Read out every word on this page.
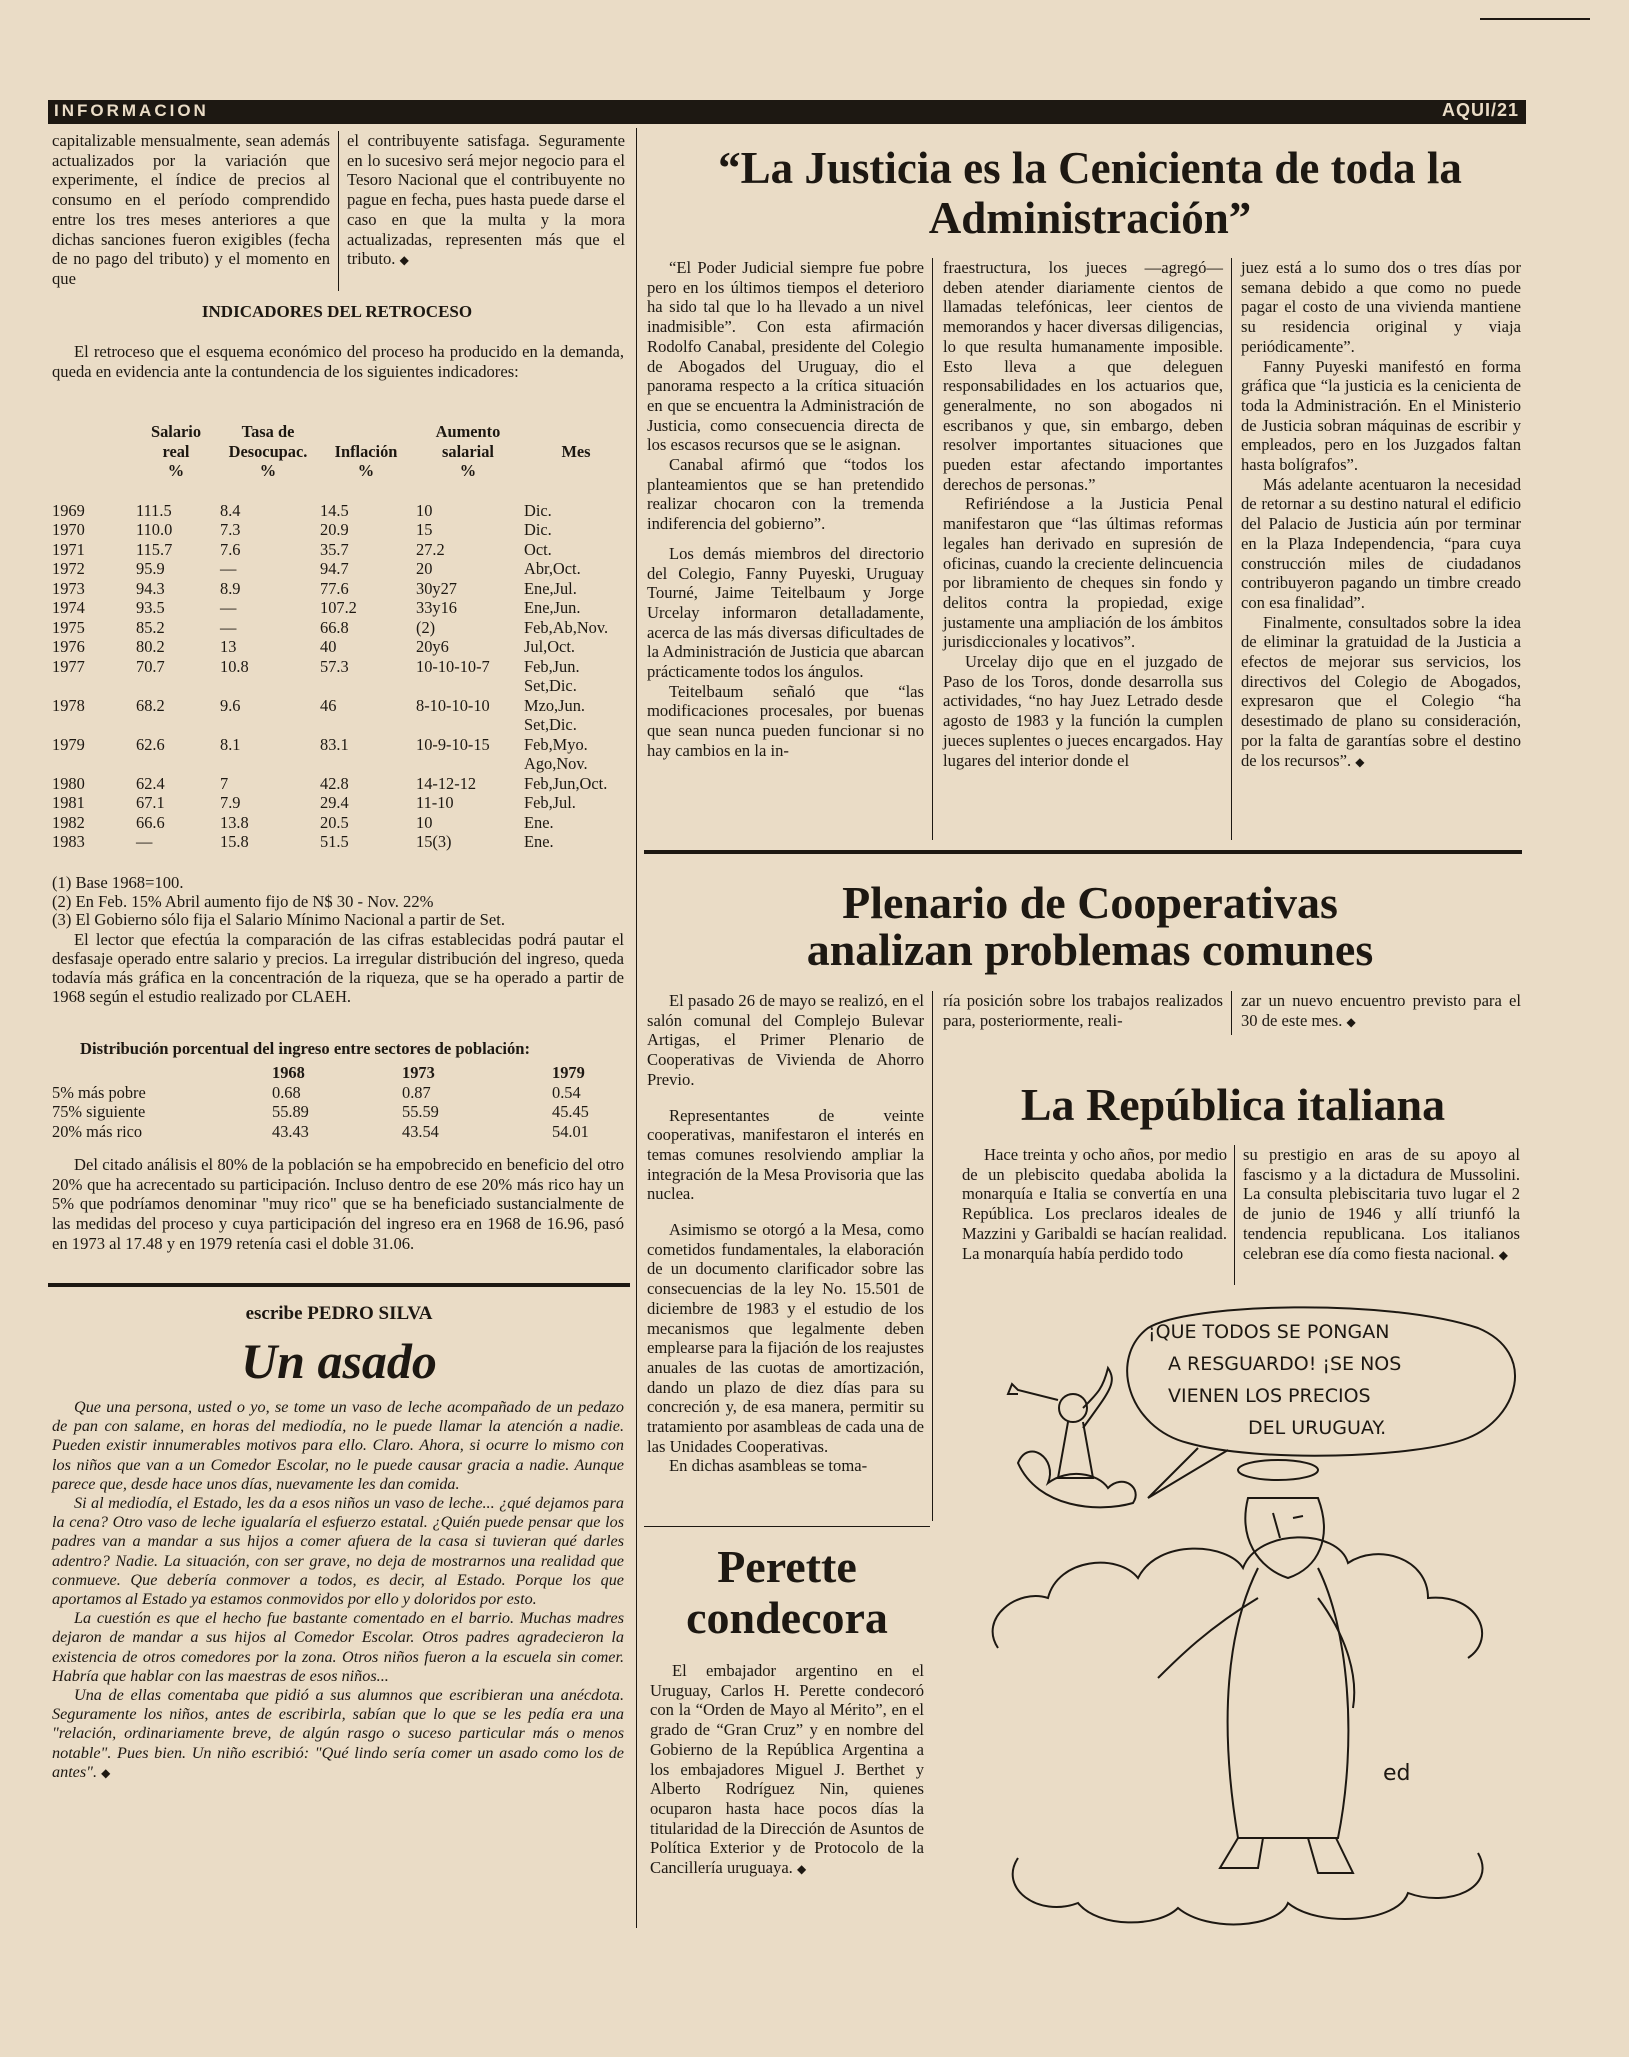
INFORMACION	AQUI/21

capitalizable mensualmente, sean además actualizados por la variación que experimente, el índice de precios al consumo en el período comprendido entre los tres meses anteriores a que dichas sanciones fueron exigibles (fecha de no pago del tributo) y el momento en que

el contribuyente satisfaga. Seguramente en lo sucesivo será mejor negocio para el Tesoro Nacional que el contribuyente no pague en fecha, pues hasta puede darse el caso en que la multa y la mora actualizadas, representen más que el tributo. ◆

INDICADORES DEL RETROCESO

El retroceso que el esquema económico del proceso ha producido en la demanda, queda en evidencia ante la contundencia de los siguientes indicadores:

	Salario	Tasa de		Aumento	
	real	Desocupac.	Inflación	salarial	Mes
	%	%	%	%	

1969	111.5	8.4	14.5	10	Dic.
1970	110.0	7.3	20.9	15	Dic.
1971	115.7	7.6	35.7	27.2	Oct.
1972	95.9	—	94.7	20	Abr,Oct.
1973	94.3	8.9	77.6	30y27	Ene,Jul.
1974	93.5	—	107.2	33y16	Ene,Jun.
1975	85.2	—	66.8	(2)	Feb,Ab,Nov.
1976	80.2	13	40	20y6	Jul,Oct.
1977	70.7	10.8	57.3	10-10-10-7	Feb,Jun.
Set,Dic.
1978	68.2	9.6	46	8-10-10-10	Mzo,Jun.
Set,Dic.
1979	62.6	8.1	83.1	10-9-10-15	Feb,Myo.
Ago,Nov.
1980	62.4	7	42.8	14-12-12	Feb,Jun,Oct.
1981	67.1	7.9	29.4	11-10	Feb,Jul.
1982	66.6	13.8	20.5	10	Ene.
1983	—	15.8	51.5	15(3)	Ene.
(1) Base 1968=100.
(2) En Feb. 15% Abril aumento fijo de N$ 30 - Nov. 22%
(3) El Gobierno sólo fija el Salario Mínimo Nacional a partir de Set.

El lector que efectúa la comparación de las cifras establecidas podrá pautar el desfasaje operado entre salario y precios. La irregular distribución del ingreso, queda todavía más gráfica en la concentración de la riqueza, que se ha operado a partir de 1968 según el estudio realizado por CLAEH.

Distribución porcentual del ingreso entre sectores de población:
	1968	1973	1979
5% más pobre	0.68	0.87	0.54
75% siguiente	55.89	55.59	45.45
20% más rico	43.43	43.54	54.01

Del citado análisis el 80% de la población se ha empobrecido en beneficio del otro 20% que ha acrecentado su participación. Incluso dentro de ese 20% más rico hay un 5% que podríamos denominar "muy rico" que se ha beneficiado sustancialmente de las medidas del proceso y cuya participación del ingreso era en 1968 de 16.96, pasó en 1973 al 17.48 y en 1979 retenía casi el doble 31.06.

escribe PEDRO SILVA
Un asado

Que una persona, usted o yo, se tome un vaso de leche acompañado de un pedazo de pan con salame, en horas del mediodía, no le puede llamar la atención a nadie. Pueden existir innumerables motivos para ello. Claro. Ahora, si ocurre lo mismo con los niños que van a un Comedor Escolar, no le puede causar gracia a nadie. Aunque parece que, desde hace unos días, nuevamente les dan comida.

Si al mediodía, el Estado, les da a esos niños un vaso de leche... ¿qué dejamos para la cena? Otro vaso de leche igualaría el esfuerzo estatal. ¿Quién puede pensar que los padres van a mandar a sus hijos a comer afuera de la casa si tuvieran qué darles adentro? Nadie. La situación, con ser grave, no deja de mostrarnos una realidad que conmueve. Que debería conmover a todos, es decir, al Estado. Porque los que aportamos al Estado ya estamos conmovidos por ello y doloridos por esto.

La cuestión es que el hecho fue bastante comentado en el barrio. Muchas madres dejaron de mandar a sus hijos al Comedor Escolar. Otros padres agradecieron la existencia de otros comedores por la zona. Otros niños fueron a la escuela sin comer. Habría que hablar con las maestras de esos niños...

Una de ellas comentaba que pidió a sus alumnos que escribieran una anécdota. Seguramente los niños, antes de escribirla, sabían que lo que se les pedía era una "relación, ordinariamente breve, de algún rasgo o suceso particular más o menos notable". Pues bien. Un niño escribió: "Qué lindo sería comer un asado como los de antes". ◆

“La Justicia es la Cenicienta de toda la Administración”

“El Poder Judicial siempre fue pobre pero en los últimos tiempos el deterioro ha sido tal que lo ha llevado a un nivel inadmisible”. Con esta afirmación Rodolfo Canabal, presidente del Colegio de Abogados del Uruguay, dio el panorama respecto a la crítica situación en que se encuentra la Administración de Justicia, como consecuencia directa de los escasos recursos que se le asignan.

Canabal afirmó que “todos los planteamientos que se han pretendido realizar chocaron con la tremenda indiferencia del gobierno”.

Los demás miembros del directorio del Colegio, Fanny Puyeski, Uruguay Tourné, Jaime Teitelbaum y Jorge Urcelay informaron detalladamente, acerca de las más diversas dificultades de la Administración de Justicia que abarcan prácticamente todos los ángulos.

Teitelbaum señaló que “las modificaciones procesales, por buenas que sean nunca pueden funcionar si no hay cambios en la in-

fraestructura, los jueces —agregó— deben atender diariamente cientos de llamadas telefónicas, leer cientos de memorandos y hacer diversas diligencias, lo que resulta humanamente imposible. Esto lleva a que deleguen responsabilidades en los actuarios que, generalmente, no son abogados ni escribanos y que, sin embargo, deben resolver importantes situaciones que pueden estar afectando importantes derechos de personas.”

Refiriéndose a la Justicia Penal manifestaron que “las últimas reformas legales han derivado en supresión de oficinas, cuando la creciente delincuencia por libramiento de cheques sin fondo y delitos contra la propiedad, exige justamente una ampliación de los ámbitos jurisdiccionales y locativos”.

Urcelay dijo que en el juzgado de Paso de los Toros, donde desarrolla sus actividades, “no hay Juez Letrado desde agosto de 1983 y la función la cumplen jueces suplentes o jueces encargados. Hay lugares del interior donde el

juez está a lo sumo dos o tres días por semana debido a que como no puede pagar el costo de una vivienda mantiene su residencia original y viaja periódicamente”.

Fanny Puyeski manifestó en forma gráfica que “la justicia es la cenicienta de toda la Administración. En el Ministerio de Justicia sobran máquinas de escribir y empleados, pero en los Juzgados faltan hasta bolígrafos”.

Más adelante acentuaron la necesidad de retornar a su destino natural el edificio del Palacio de Justicia aún por terminar en la Plaza Independencia, “para cuya construcción miles de ciudadanos contribuyeron pagando un timbre creado con esa finalidad”.

Finalmente, consultados sobre la idea de eliminar la gratuidad de la Justicia a efectos de mejorar sus servicios, los directivos del Colegio de Abogados, expresaron que el Colegio “ha desestimado de plano su consideración, por la falta de garantías sobre el destino de los recursos”. ◆

Plenario de Cooperativas
analizan problemas comunes

El pasado 26 de mayo se realizó, en el salón comunal del Complejo Bulevar Artigas, el Primer Plenario de Cooperativas de Vivienda de Ahorro Previo.

Representantes de veinte cooperativas, manifestaron el interés en temas comunes resolviendo ampliar la integración de la Mesa Provisoria que las nuclea.

Asimismo se otorgó a la Mesa, como cometidos fundamentales, la elaboración de un documento clarificador sobre las consecuencias de la ley No. 15.501 de diciembre de 1983 y el estudio de los mecanismos que legalmente deben emplearse para la fijación de los reajustes anuales de las cuotas de amortización, dando un plazo de diez días para su concreción y, de esa manera, permitir su tratamiento por asambleas de cada una de las Unidades Cooperativas.

En dichas asambleas se toma-

ría posición sobre los trabajos realizados para, posteriormente, reali-

zar un nuevo encuentro previsto para el 30 de este mes. ◆

La República italiana

Hace treinta y ocho años, por medio de un plebiscito quedaba abolida la monarquía e Italia se convertía en una República. Los preclaros ideales de Mazzini y Garibaldi se hacían realidad. La monarquía había perdido todo

su prestigio en aras de su apoyo al fascismo y a la dictadura de Mussolini. La consulta plebiscitaria tuvo lugar el 2 de junio de 1946 y allí triunfó la tendencia republicana. Los italianos celebran ese día como fiesta nacional. ◆

Perette
condecora

El embajador argentino en el Uruguay, Carlos H. Perette condecoró con la “Orden de Mayo al Mérito”, en el grado de “Gran Cruz” y en nombre del Gobierno de la República Argentina a los embajadores Miguel J. Berthet y Alberto Rodríguez Nin, quienes ocuparon hasta hace pocos días la titularidad de la Dirección de Asuntos de Política Exterior y de Protocolo de la Cancillería uruguaya. ◆

¡QUE TODOS SE PONGAN
A RESGUARDO! ¡SE NOS
VIENEN LOS PRECIOS
DEL URUGUAY.
ed
